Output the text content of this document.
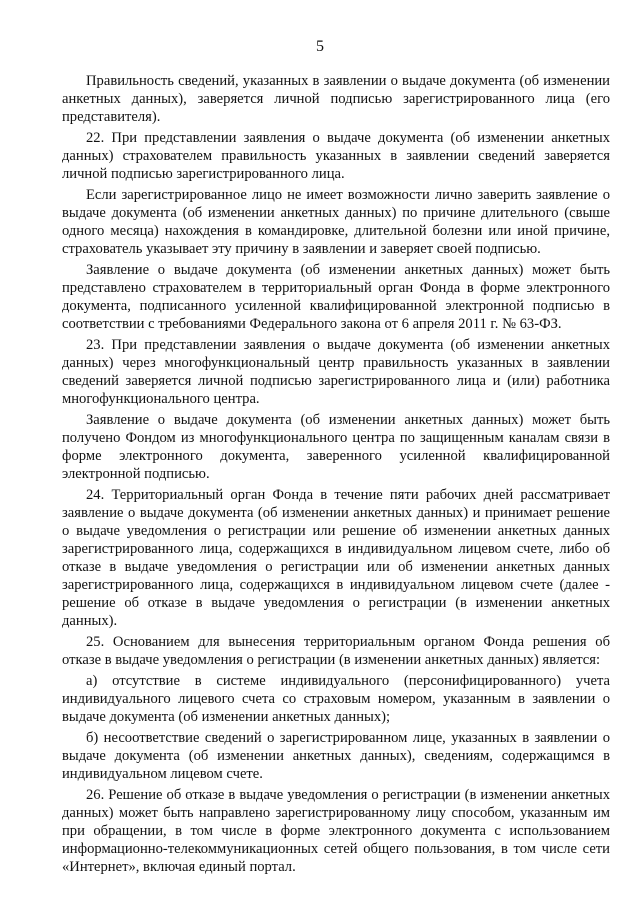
5

Правильность сведений, указанных в заявлении о выдаче документа (об изменении анкетных данных), заверяется личной подписью зарегистрированного лица (его представителя).

22. При представлении заявления о выдаче документа (об изменении анкетных данных) страхователем правильность указанных в заявлении сведений заверяется личной подписью зарегистрированного лица.

Если зарегистрированное лицо не имеет возможности лично заверить заявление о выдаче документа (об изменении анкетных данных) по причине длительного (свыше одного месяца) нахождения в командировке, длительной болезни или иной причине, страхователь указывает эту причину в заявлении и заверяет своей подписью.

Заявление о выдаче документа (об изменении анкетных данных) может быть представлено страхователем в территориальный орган Фонда в форме электронного документа, подписанного усиленной квалифицированной электронной подписью в соответствии с требованиями Федерального закона от 6 апреля 2011 г. № 63-ФЗ.

23. При представлении заявления о выдаче документа (об изменении анкетных данных) через многофункциональный центр правильность указанных в заявлении сведений заверяется личной подписью зарегистрированного лица и (или) работника многофункционального центра.

Заявление о выдаче документа (об изменении анкетных данных) может быть получено Фондом из многофункционального центра по защищенным каналам связи в форме электронного документа, заверенного усиленной квалифицированной электронной подписью.

24. Территориальный орган Фонда в течение пяти рабочих дней рассматривает заявление о выдаче документа (об изменении анкетных данных) и принимает решение о выдаче уведомления о регистрации или решение об изменении анкетных данных зарегистрированного лица, содержащихся в индивидуальном лицевом счете, либо об отказе в выдаче уведомления о регистрации или об изменении анкетных данных зарегистрированного лица, содержащихся в индивидуальном лицевом счете (далее - решение об отказе в выдаче уведомления о регистрации (в изменении анкетных данных).

25. Основанием для вынесения территориальным органом Фонда решения об отказе в выдаче уведомления о регистрации (в изменении анкетных данных) является:

а) отсутствие в системе индивидуального (персонифицированного) учета индивидуального лицевого счета со страховым номером, указанным в заявлении о выдаче документа (об изменении анкетных данных);

б) несоответствие сведений о зарегистрированном лице, указанных в заявлении о выдаче документа (об изменении анкетных данных), сведениям, содержащимся в индивидуальном лицевом счете.

26. Решение об отказе в выдаче уведомления о регистрации (в изменении анкетных данных) может быть направлено зарегистрированному лицу способом, указанным им при обращении, в том числе в форме электронного документа с использованием информационно-телекоммуникационных сетей общего пользования, в том числе сети «Интернет», включая единый портал.
